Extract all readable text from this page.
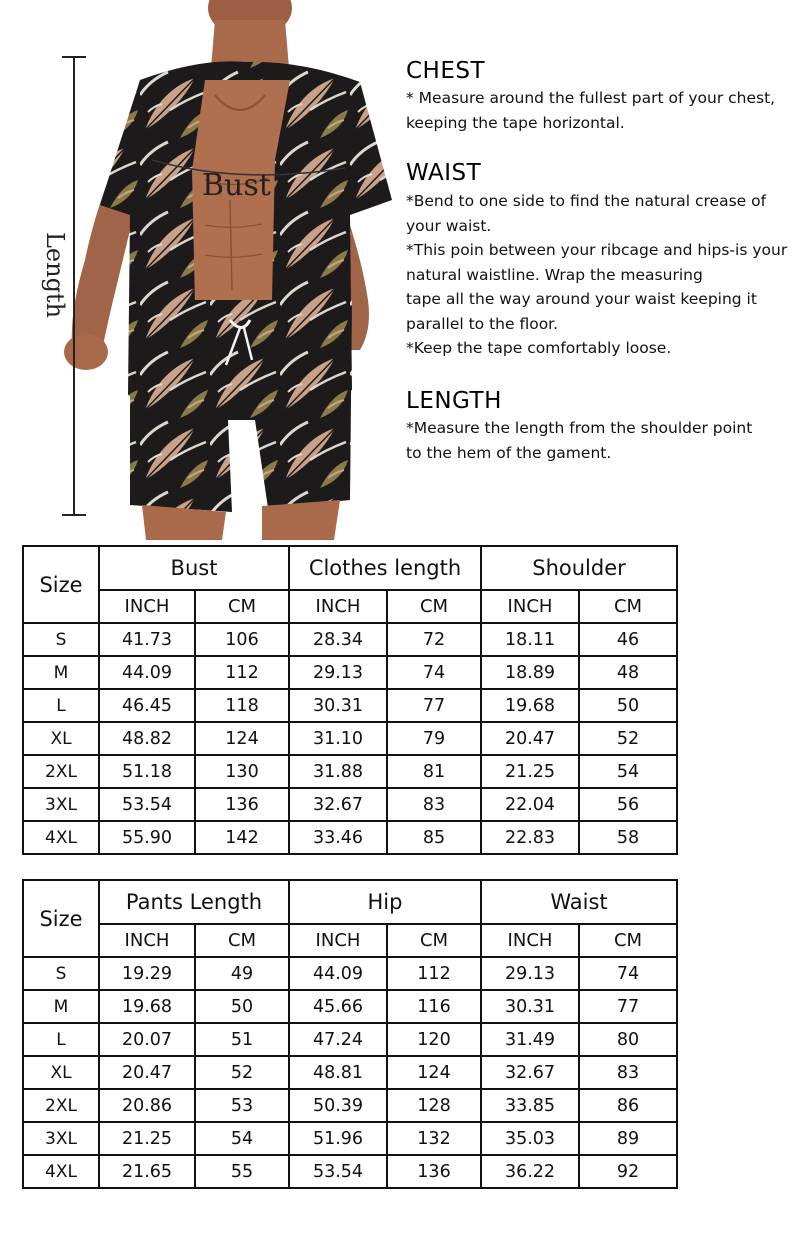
Length
Bust
CHEST

* Measure around the fullest part of your chest,
keeping the tape horizontal.

WAIST

*Bend to one side to find the natural crease of
your waist.
*This poin between your ribcage and hips-is your
natural waistline. Wrap the measuring
tape all the way around your waist keeping it
parallel to the floor.
*Keep the tape comfortably loose.

LENGTH

*Measure the length from the shoulder point
to the hem of the gament.

Size	Bust		Clothes length		Shoulder	
	INCH	CM	INCH	CM	INCH	CM
S	41.73	106	28.34	72	18.11	46
M	44.09	112	29.13	74	18.89	48
L	46.45	118	30.31	77	19.68	50
XL	48.82	124	31.10	79	20.47	52
2XL	51.18	130	31.88	81	21.25	54
3XL	53.54	136	32.67	83	22.04	56
4XL	55.90	142	33.46	85	22.83	58
Size	Pants Length		Hip		Waist	
	INCH	CM	INCH	CM	INCH	CM
S	19.29	49	44.09	112	29.13	74
M	19.68	50	45.66	116	30.31	77
L	20.07	51	47.24	120	31.49	80
XL	20.47	52	48.81	124	32.67	83
2XL	20.86	53	50.39	128	33.85	86
3XL	21.25	54	51.96	132	35.03	89
4XL	21.65	55	53.54	136	36.22	92
